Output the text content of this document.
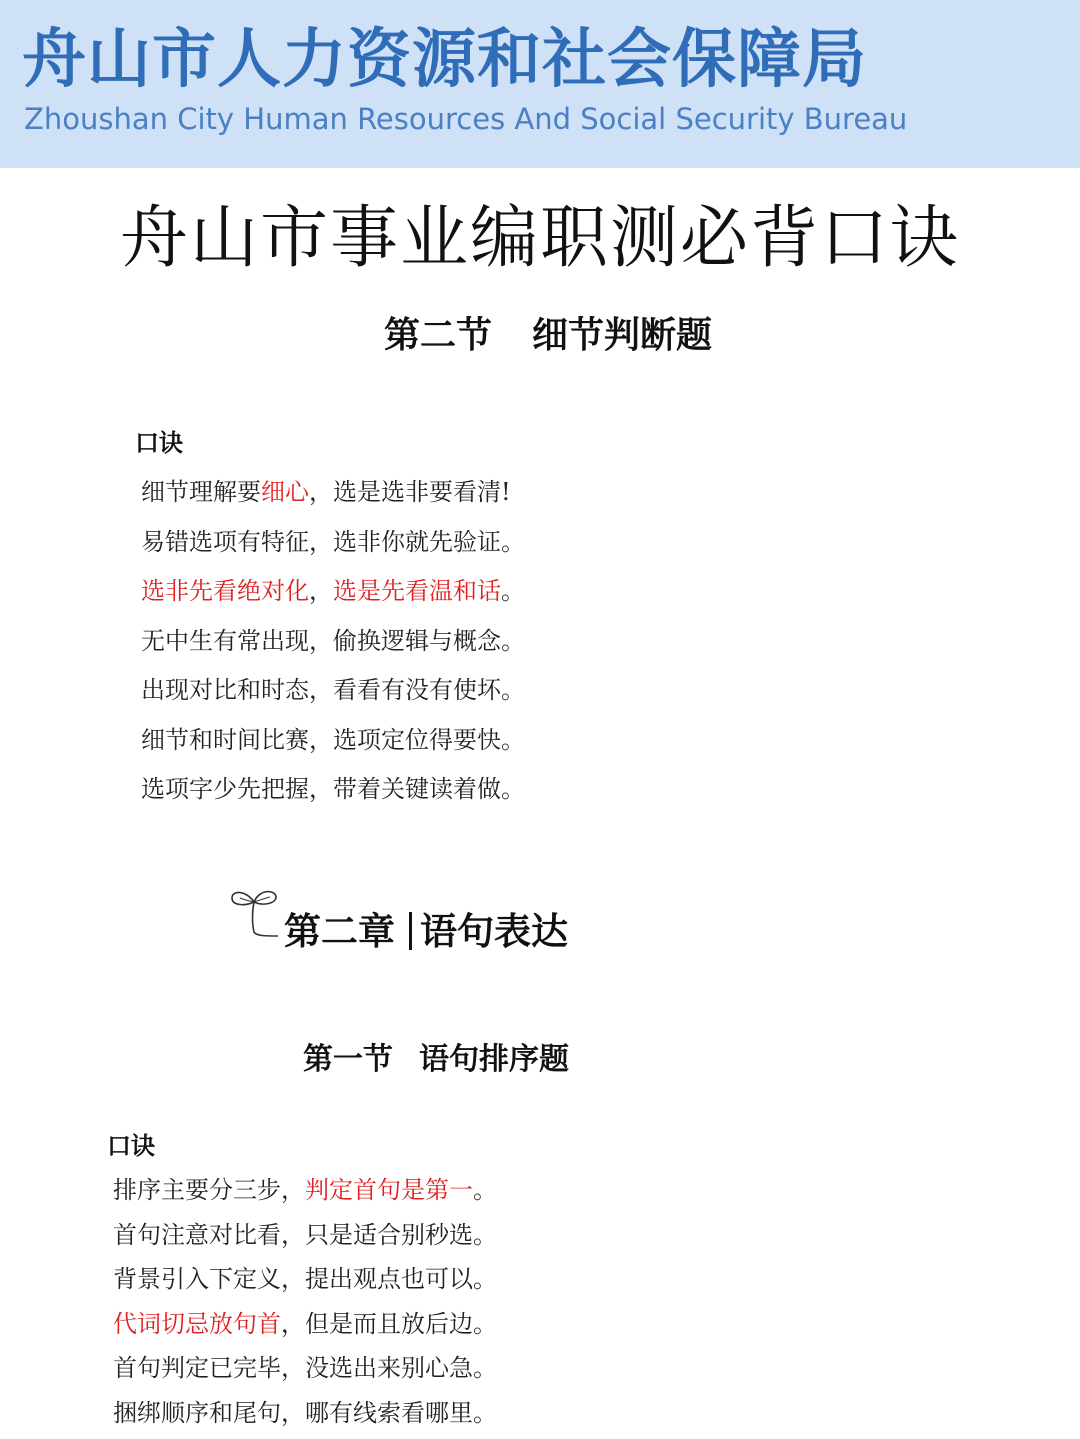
舟山市人力资源和社会保障局
Zhoushan City Human Resources And Social Security Bureau
舟山市事业编职测必背口诀
第二节 细节判断题
口诀
细节理解要细心，选是选非要看清!
易错选项有特征，选非你就先验证。
选非先看绝对化，选是先看温和话。
无中生有常出现，偷换逻辑与概念。
出现对比和时态，看看有没有使坏。
细节和时间比赛，选项定位得要快。
选项字少先把握，带着关键读着做。
第二章 语句表达
第一节 语句排序题
口诀
排序主要分三步，判定首句是第一。
首句注意对比看，只是适合别秒选。
背景引入下定义，提出观点也可以。
代词切忌放句首，但是而且放后边。
首句判定已完毕，没选出来别心急。
捆绑顺序和尾句，哪有线索看哪里。
